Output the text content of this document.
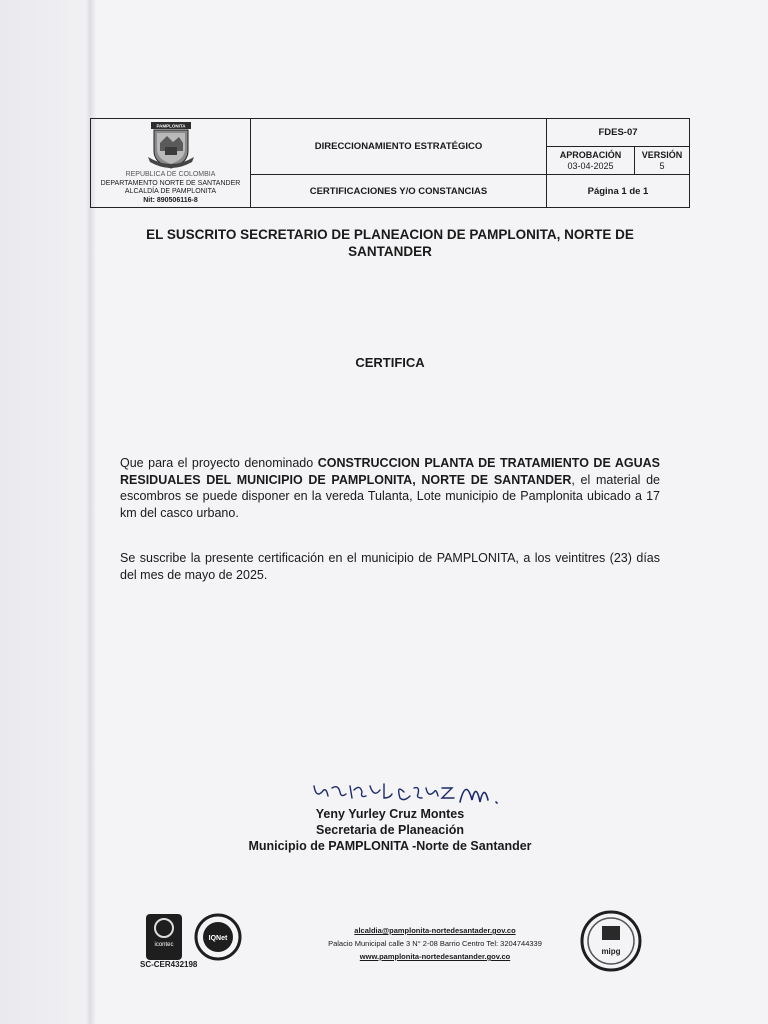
PAMPLONITA
REPUBLICA DE COLOMBIA
DEPARTAMENTO NORTE DE SANTANDER
ALCALDÍA DE PAMPLONITA
Nit: 890506116-8
DIRECCIONAMIENTO ESTRATÉGICO
CERTIFICACIONES Y/O CONSTANCIAS
FDES-07
APROBACIÓN
03-04-2025
VERSIÓN
5
Página 1 de 1
EL SUSCRITO SECRETARIO DE PLANEACION DE PAMPLONITA, NORTE DE SANTANDER
CERTIFICA

Que para el proyecto denominado CONSTRUCCION PLANTA DE TRATAMIENTO DE AGUAS RESIDUALES DEL MUNICIPIO DE PAMPLONITA, NORTE DE SANTANDER, el material de escombros se puede disponer en la vereda Tulanta, Lote municipio de Pamplonita ubicado a 17 km del casco urbano.

Se suscribe la presente certificación en el municipio de PAMPLONITA, a los veintitres (23) días del mes de mayo de 2025.

Yeny Yurley Cruz Montes
Secretaria de Planeación
Municipio de PAMPLONITA -Norte de Santander
icontec
IQNet
SC-CER432198
alcaldia@pamplonita-nortedesantader.gov.co
Palacio Municipal calle 3 N° 2-08 Barrio Centro Tel: 3204744339
www.pamplonita-nortedesantander.gov.co
mipg
